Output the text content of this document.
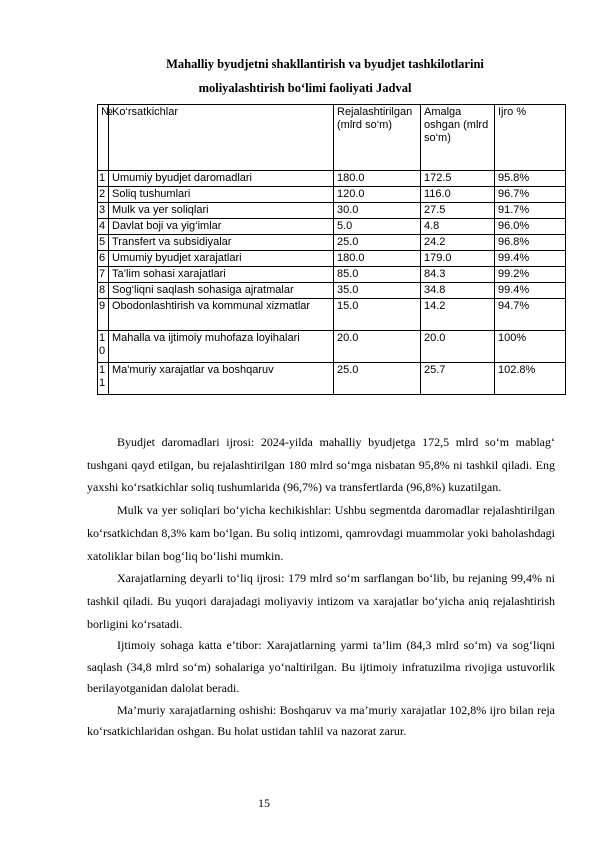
Mahalliy byudjetni shakllantirish va byudjet tashkilotlarini
moliyalashtirish bo‘limi faoliyati Jadval
№	Ko‘rsatkichlar	Rejalashtirilgan (mlrd so‘m)	Amalga oshgan (mlrd so‘m)	Ijro %
1	Umumiy byudjet daromadlari	180.0	172.5	95.8%
2	Soliq tushumlari	120.0	116.0	96.7%
3	Mulk va yer soliqlari	30.0	27.5	91.7%
4	Davlat boji va yig‘imlar	5.0	4.8	96.0%
5	Transfert va subsidiyalar	25.0	24.2	96.8%
6	Umumiy byudjet xarajatlari	180.0	179.0	99.4%
7	Ta’lim sohasi xarajatlari	85.0	84.3	99.2%
8	Sog‘liqni saqlash sohasiga ajratmalar	35.0	34.8	99.4%
9	Obodonlashtirish va kommunal xizmatlar	15.0	14.2	94.7%
10	Mahalla va ijtimoiy muhofaza loyihalari	20.0	20.0	100%
11	Ma'muriy xarajatlar va boshqaruv	25.0	25.7	102.8%

Byudjet daromadlari ijrosi: 2024-yilda mahalliy byudjetga 172,5 mlrd so‘m mablag‘ tushgani qayd etilgan, bu rejalashtirilgan 180 mlrd so‘mga nisbatan 95,8% ni tashkil qiladi. Eng yaxshi ko‘rsatkichlar soliq tushumlarida (96,7%) va transfertlarda (96,8%) kuzatilgan.

Mulk va yer soliqlari bo‘yicha kechikishlar: Ushbu segmentda daromadlar rejalashtirilgan ko‘rsatkichdan 8,3% kam bo‘lgan. Bu soliq intizomi, qamrovdagi muammolar yoki baholashdagi xatoliklar bilan bog‘liq bo‘lishi mumkin.

Xarajatlarning deyarli to‘liq ijrosi: 179 mlrd so‘m sarflangan bo‘lib, bu rejaning 99,4% ni tashkil qiladi. Bu yuqori darajadagi moliyaviy intizom va xarajatlar bo‘yicha aniq rejalashtirish borligini ko‘rsatadi.

Ijtimoiy sohaga katta e’tibor: Xarajatlarning yarmi ta’lim (84,3 mlrd so‘m) va sog‘liqni saqlash (34,8 mlrd so‘m) sohalariga yo‘naltirilgan. Bu ijtimoiy infratuzilma rivojiga ustuvorlik berilayotganidan dalolat beradi.

Ma’muriy xarajatlarning oshishi: Boshqaruv va ma’muriy xarajatlar 102,8% ijro bilan reja ko‘rsatkichlaridan oshgan. Bu holat ustidan tahlil va nazorat zarur.

15
